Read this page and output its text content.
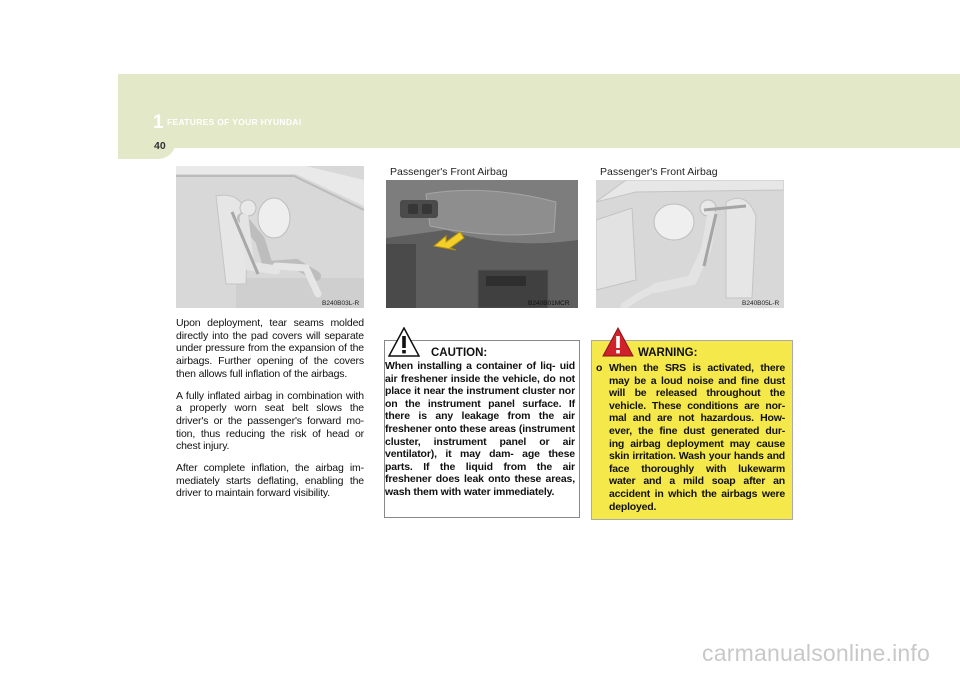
1 FEATURES OF YOUR HYUNDAI
40
B240B03L-R
Passenger's Front Airbag
B240B01MCR
Passenger's Front Airbag
B240B05L-R

Upon deployment, tear seams molded directly into the pad covers will separate under pressure from the expansion of the airbags. Further opening of the covers then allows full inflation of the airbags.

A fully inflated airbag in combination with a properly worn seat belt slows the driver's or the passenger's forward mo- tion, thus reducing the risk of head or chest injury.

After complete inflation, the airbag im- mediately starts deflating, enabling the driver to maintain forward visibility.

CAUTION:
When installing a container of liq- uid air freshener inside the vehicle, do not place it near the instrument cluster nor on the instrument panel surface. If there is any leakage from the air freshener onto these areas (instrument cluster, instrument panel or air ventilator), it may dam- age these parts. If the liquid from the air freshener does leak onto these areas, wash them with water immediately.
WARNING:
o When the SRS is activated, there may be a loud noise and fine dust will be released throughout the vehicle. These conditions are nor- mal and are not hazardous. How- ever, the fine dust generated dur- ing airbag deployment may cause skin irritation. Wash your hands and face thoroughly with lukewarm water and a mild soap after an accident in which the airbags were deployed.
carmanualsonline.info
